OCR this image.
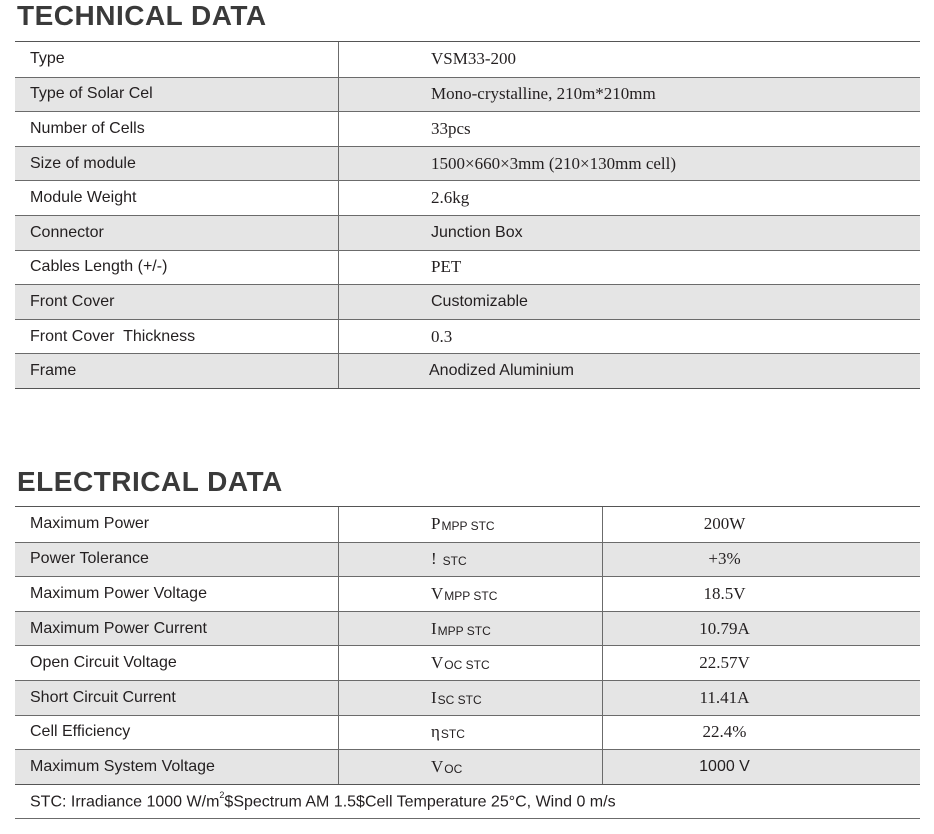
TECHNICAL DATA
Type	VSM33-200
Type of Solar Cel	Mono-crystalline, 210m*210mm
Number of Cells	33pcs
Size of module	1500×660×3mm (210×130mm cell)
Module Weight	2.6kg
Connector	Junction Box
Cables Length (+/-)	PET
Front Cover	Customizable
Front Cover  Thickness	0.3
Frame	Anodized Aluminium
ELECTRICAL DATA
Maximum Power	P MPP STC	200W
Power Tolerance	! STC	+3%
Maximum Power Voltage	V MPP STC	18.5V
Maximum Power Current	I MPP STC	10.79A
Open Circuit Voltage	V OC STC	22.57V
Short Circuit Current	I SC STC	11.41A
Cell Efficiency	η STC	22.4%
Maximum System Voltage	V OC	1000 V
STC: Irradiance 1000 $W/m^2\$Spectrum$ AM 1.5$Cell Temperature 25°C, Wind 0 m/s
